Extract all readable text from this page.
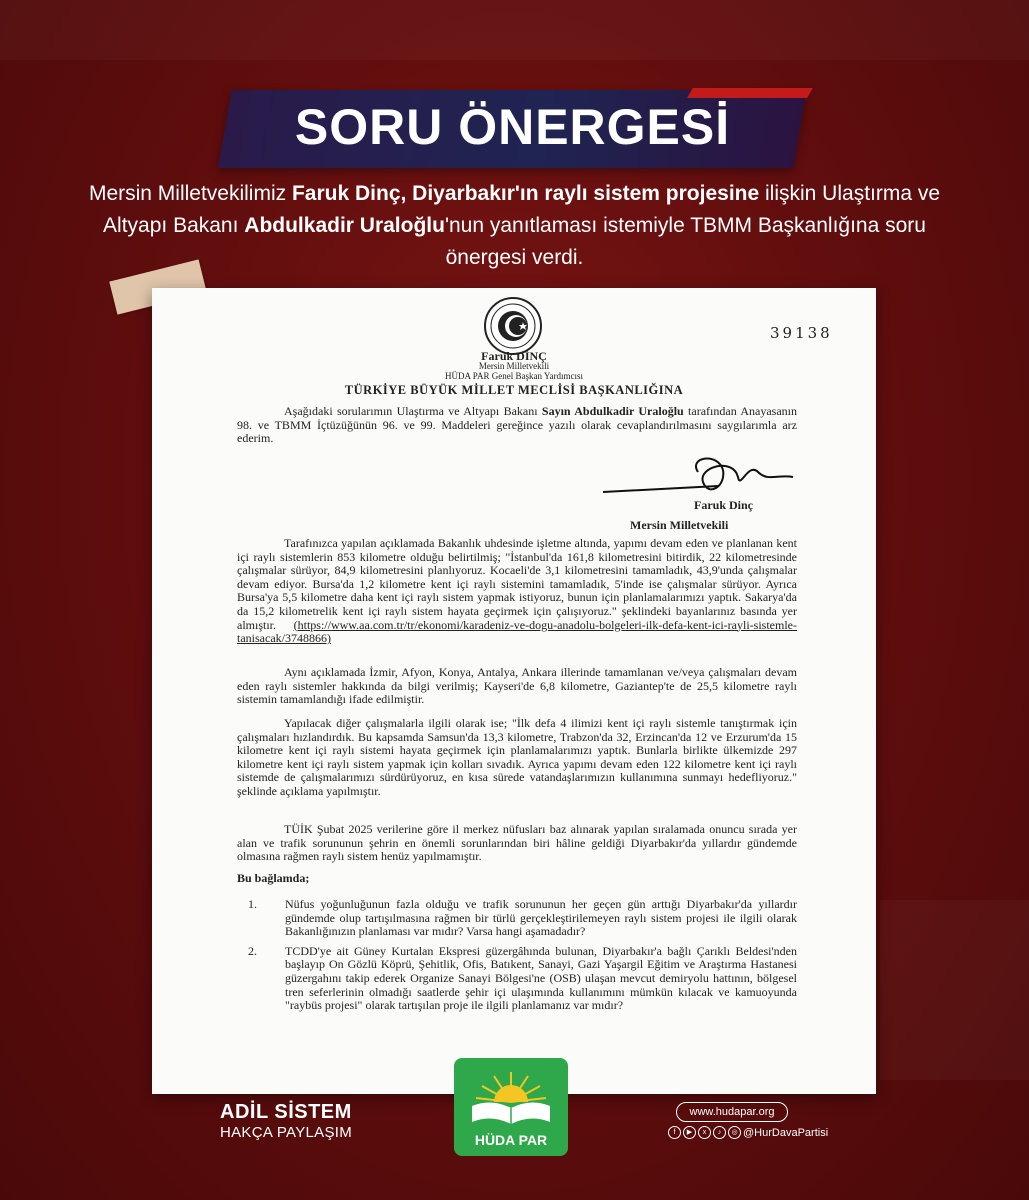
SORU ÖNERGESİ
Mersin Milletvekilimiz Faruk Dinç, Diyarbakır'ın raylı sistem projesine ilişkin Ulaştırma ve Altyapı Bakanı Abdulkadir Uraloğlu'nun yanıtlaması istemiyle TBMM Başkanlığına soru önergesi verdi.
39138
Faruk DİNÇ
Mersin Milletvekili
HÜDA PAR Genel Başkan Yardımcısı
TÜRKİYE BÜYÜK MİLLET MECLİSİ BAŞKANLIĞINA
Aşağıdaki sorularımın Ulaştırma ve Altyapı Bakanı Sayın Abdulkadir Uraloğlu tarafından Anayasanın 98. ve TBMM İçtüzüğünün 96. ve 99. Maddeleri gereğince yazılı olarak cevaplandırılmasını saygılarımla arz ederim.
Faruk Dinç
Mersin Milletvekili
Tarafınızca yapılan açıklamada Bakanlık uhdesinde işletme altında, yapımı devam eden ve planlanan kent içi raylı sistemlerin 853 kilometre olduğu belirtilmiş; "İstanbul'da 161,8 kilometresini bitirdik, 22 kilometresinde çalışmalar sürüyor, 84,9 kilometresini planlıyoruz. Kocaeli'de 3,1 kilometresini tamamladık, 43,9'unda çalışmalar devam ediyor. Bursa'da 1,2 kilometre kent içi raylı sistemini tamamladık, 5'inde ise çalışmalar sürüyor. Ayrıca Bursa'ya 5,5 kilometre daha kent içi raylı sistem yapmak istiyoruz, bunun için planlamalarımızı yaptık. Sakarya'da da 15,2 kilometrelik kent içi raylı sistem hayata geçirmek için çalışıyoruz." şeklindeki bayanlarınız basında yer almıştır. (https://www.aa.com.tr/tr/ekonomi/karadeniz-ve-dogu-anadolu-bolgeleri-ilk-defa-kent-ici-rayli-sistemle-tanisacak/3748866)
Aynı açıklamada İzmir, Afyon, Konya, Antalya, Ankara illerinde tamamlanan ve/veya çalışmaları devam eden raylı sistemler hakkında da bilgi verilmiş; Kayseri'de 6,8 kilometre, Gaziantep'te de 25,5 kilometre raylı sistemin tamamlandığı ifade edilmiştir.
Yapılacak diğer çalışmalarla ilgili olarak ise; "İlk defa 4 ilimizi kent içi raylı sistemle tanıştırmak için çalışmaları hızlandırdık. Bu kapsamda Samsun'da 13,3 kilometre, Trabzon'da 32, Erzincan'da 12 ve Erzurum'da 15 kilometre kent içi raylı sistemi hayata geçirmek için planlamalarımızı yaptık. Bunlarla birlikte ülkemizde 297 kilometre kent içi raylı sistem yapmak için kolları sıvadık. Ayrıca yapımı devam eden 122 kilometre kent içi raylı sistemde de çalışmalarımızı sürdürüyoruz, en kısa sürede vatandaşlarımızın kullanımına sunmayı hedefliyoruz." şeklinde açıklama yapılmıştır.
TÜİK Şubat 2025 verilerine göre il merkez nüfusları baz alınarak yapılan sıralamada onuncu sırada yer alan ve trafik sorununun şehrin en önemli sorunlarından biri hâline geldiği Diyarbakır'da yıllardır gündemde olmasına rağmen raylı sistem henüz yapılmamıştır.
Bu bağlamda;
1.	Nüfus yoğunluğunun fazla olduğu ve trafik sorununun her geçen gün arttığı Diyarbakır'da yıllardır gündemde olup tartışılmasına rağmen bir türlü gerçekleştirilemeyen raylı sistem projesi ile ilgili olarak Bakanlığınızın planlaması var mıdır? Varsa hangi aşamadadır?
2.	TCDD'ye ait Güney Kurtalan Ekspresi güzergâhında bulunan, Diyarbakır'a bağlı Çarıklı Beldesi'nden başlayıp On Gözlü Köprü, Şehitlik, Ofis, Batıkent, Sanayi, Gazi Yaşargil Eğitim ve Araştırma Hastanesi güzergahını takip ederek Organize Sanayi Bölgesi'ne (OSB) ulaşan mevcut demiryolu hattının, bölgesel tren seferlerinin olmadığı saatlerde şehir içi ulaşımında kullanımını mümkün kılacak ve kamuoyunda "raybüs projesi" olarak tartışılan proje ile ilgili planlamanız var mıdır?
ADİL SİSTEM
HAKÇA PAYLAŞIM	HÜDA PAR
www.hudapar.org
f	▶	x	♪	◎ @HurDavaPartisi
